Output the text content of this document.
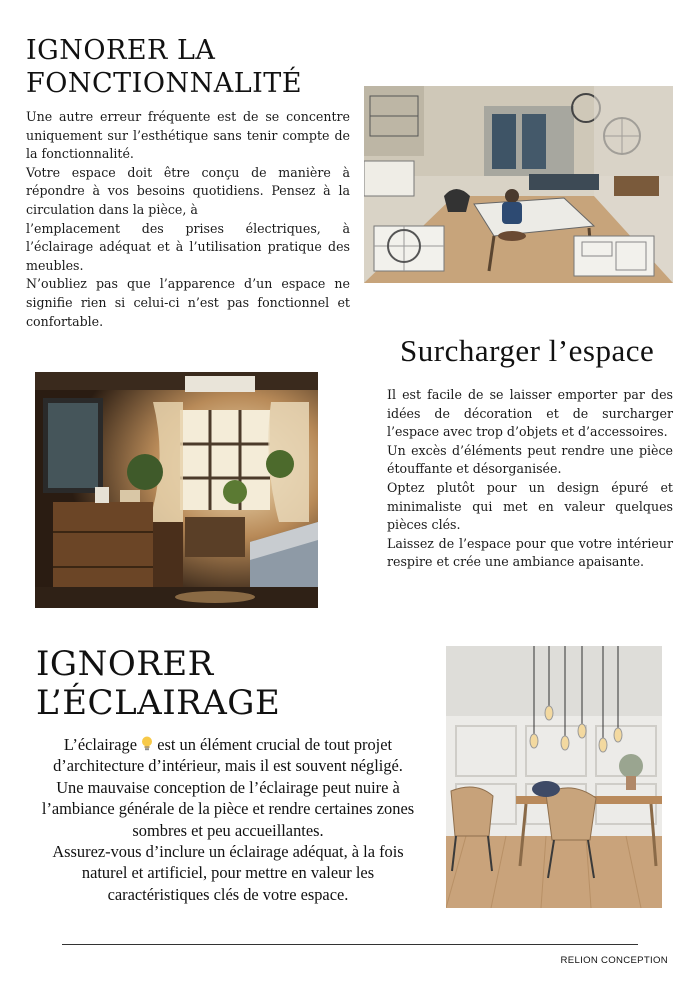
IGNORER LA
FONCTIONNALITÉ

Une autre erreur fréquente est de se concentre uniquement sur l’esthétique sans tenir compte de la fonctionnalité.

Votre espace doit être conçu de manière à répondre à vos besoins quotidiens. Pensez à la circulation dans la pièce, à

l’emplacement des prises électriques, à l’éclairage adéquat et à l’utilisation pratique des meubles.

N’oubliez pas que l’apparence d’un espace ne signifie rien si celui-ci n’est pas fonctionnel et confortable.

Surcharger l’espace

Il est facile de se laisser emporter par des idées de décoration et de surcharger l’espace avec trop d’objets et d’accessoires.

Un excès d’éléments peut rendre une pièce étouffante et désorganisée.

Optez plutôt pour un design épuré et minimaliste qui met en valeur quelques pièces clés.

Laissez de l’espace pour que votre intérieur respire et crée une ambiance apaisante.

IGNORER
L’ÉCLAIRAGE

L’éclairage  est un élément crucial de tout projet d’architecture d’intérieur, mais il est souvent négligé.

Une mauvaise conception de l’éclairage peut nuire à l’ambiance générale de la pièce et rendre certaines zones sombres et peu accueillantes.

Assurez-vous d’inclure un éclairage adéquat, à la fois naturel et artificiel, pour mettre en valeur les caractéristiques clés de votre espace.

RELION CONCEPTION
